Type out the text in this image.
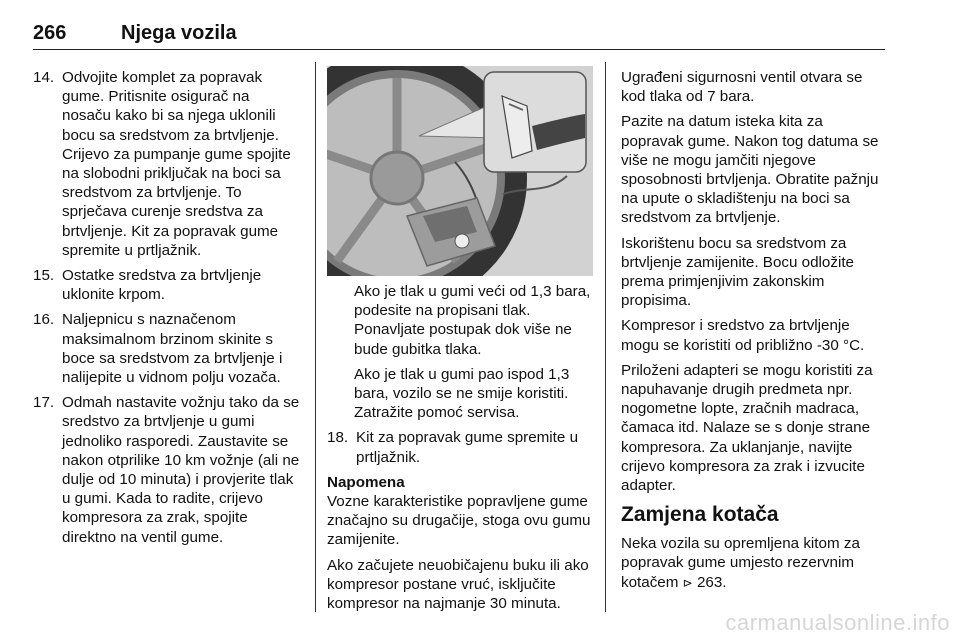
266	Njega vozila
14. Odvojite komplet za popravak gume. Pritisnite osigurač na nosaču kako bi sa njega uklonili bocu sa sredstvom za brtvljenje. Crijevo za pumpanje gume spojite na slobodni priključak na boci sa sredstvom za brtvljenje. To sprječava curenje sredstva za brtvljenje. Kit za popravak gume spremite u prtljažnik.
15. Ostatke sredstva za brtvljenje uklonite krpom.
16. Naljepnicu s naznačenom maksimalnom brzinom skinite s boce sa sredstvom za brtvljenje i nalijepite u vidnom polju vozača.
17. Odmah nastavite vožnju tako da se sredstvo za brtvljenje u gumi jednoliko rasporedi. Zaustavite se nakon otprilike 10 km vožnje (ali ne dulje od 10 minuta) i provjerite tlak u gumi. Kada to radite, crijevo kompresora za zrak, spojite direktno na ventil gume.

Ako je tlak u gumi veći od 1,3 bara, podesite na propisani tlak. Ponavljate postupak dok više ne bude gubitka tlaka.

Ako je tlak u gumi pao ispod 1,3 bara, vozilo se ne smije koristiti. Zatražite pomoć servisa.

18. Kit za popravak gume spremite u prtljažnik.

Napomena

Vozne karakteristike popravljene gume značajno su drugačije, stoga ovu gumu zamijenite.

Ako začujete neuobičajenu buku ili ako kompresor postane vruć, isključite kompresor na najmanje 30 minuta.

Ugrađeni sigurnosni ventil otvara se kod tlaka od 7 bara.

Pazite na datum isteka kita za popravak gume. Nakon tog datuma se više ne mogu jamčiti njegove sposobnosti brtvljenja. Obratite pažnju na upute o skladištenju na boci sa sredstvom za brtvljenje.

Iskorištenu bocu sa sredstvom za brtvljenje zamijenite. Bocu odložite prema primjenjivim zakonskim propisima.

Kompresor i sredstvo za brtvljenje mogu se koristiti od približno -30 °C.

Priloženi adapteri se mogu koristiti za napuhavanje drugih predmeta npr. nogometne lopte, zračnih madraca, čamaca itd. Nalaze se s donje strane kompresora. Za uklanjanje, navijte crijevo kompresora za zrak i izvucite adapter.

Zamjena kotača

Neka vozila su opremljena kitom za popravak gume umjesto rezervnim kotačem ⊳ 263.

carmanualsonline.info
